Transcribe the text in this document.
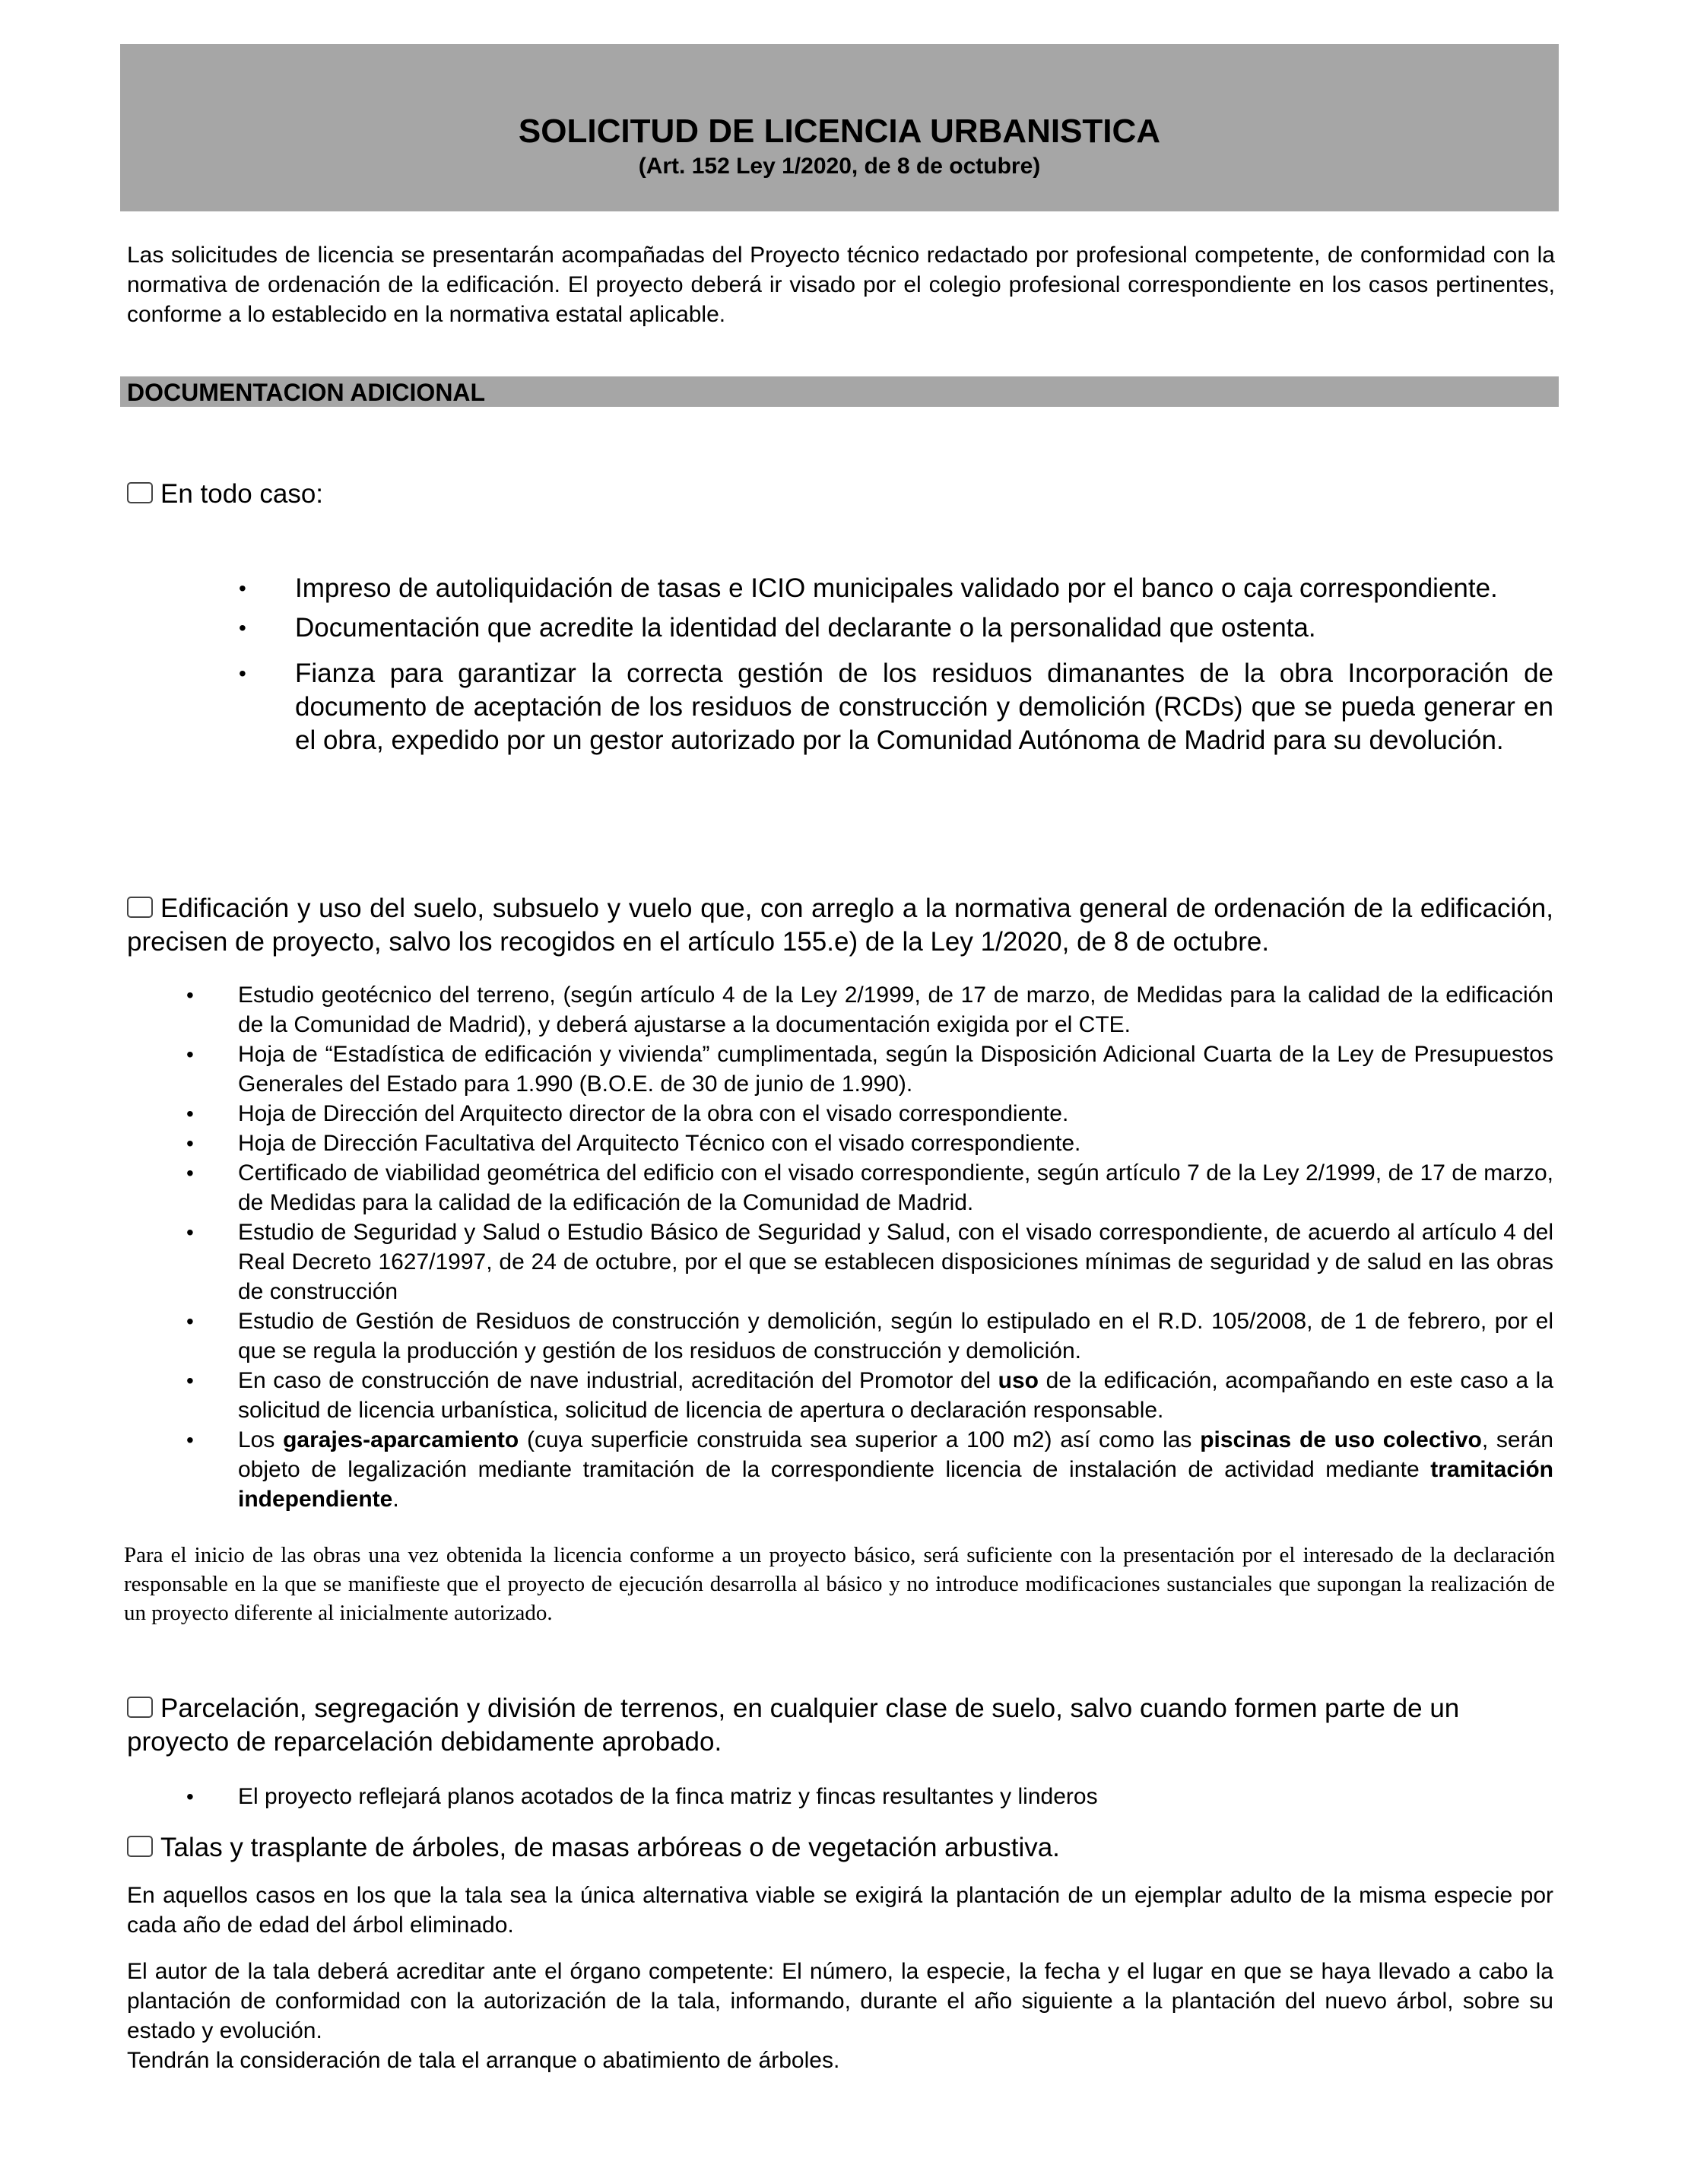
SOLICITUD DE LICENCIA URBANISTICA
(Art. 152 Ley 1/2020, de 8 de octubre)
Las solicitudes de licencia se presentarán acompañadas del Proyecto técnico redactado por profesional competente, de conformidad con la normativa de ordenación de la edificación. El proyecto deberá ir visado por el colegio profesional correspondiente en los casos pertinentes, conforme a lo establecido en la normativa estatal aplicable.
DOCUMENTACION ADICIONAL
En todo caso:
• Impreso de autoliquidación de tasas e ICIO municipales validado por el banco o caja correspondiente.
• Documentación que acredite la identidad del declarante o la personalidad que ostenta.
• Fianza para garantizar la correcta gestión de los residuos dimanantes de la obra Incorporación de documento de aceptación de los residuos de construcción y demolición (RCDs) que se pueda generar en el obra, expedido por un gestor autorizado por la Comunidad Autónoma de Madrid para su devolución.
Edificación y uso del suelo, subsuelo y vuelo que, con arreglo a la normativa general de ordenación de la edificación, precisen de proyecto, salvo los recogidos en el artículo 155.e) de la Ley 1/2020, de 8 de octubre.
• Estudio geotécnico del terreno, (según artículo 4 de la Ley 2/1999, de 17 de marzo, de Medidas para la calidad de la edificación de la Comunidad de Madrid), y deberá ajustarse a la documentación exigida por el CTE.
• Hoja de “Estadística de edificación y vivienda” cumplimentada, según la Disposición Adicional Cuarta de la Ley de Presupuestos Generales del Estado para 1.990 (B.O.E. de 30 de junio de 1.990).
• Hoja de Dirección del Arquitecto director de la obra con el visado correspondiente.
• Hoja de Dirección Facultativa del Arquitecto Técnico con el visado correspondiente.
• Certificado de viabilidad geométrica del edificio con el visado correspondiente, según artículo 7 de la Ley 2/1999, de 17 de marzo, de Medidas para la calidad de la edificación de la Comunidad de Madrid.
• Estudio de Seguridad y Salud o Estudio Básico de Seguridad y Salud, con el visado correspondiente, de acuerdo al artículo 4 del Real Decreto 1627/1997, de 24 de octubre, por el que se establecen disposiciones mínimas de seguridad y de salud en las obras de construcción
• Estudio de Gestión de Residuos de construcción y demolición, según lo estipulado en el R.D. 105/2008, de 1 de febrero, por el que se regula la producción y gestión de los residuos de construcción y demolición.
• En caso de construcción de nave industrial, acreditación del Promotor del uso de la edificación, acompañando en este caso a la solicitud de licencia urbanística, solicitud de licencia de apertura o declaración responsable.
• Los garajes-aparcamiento (cuya superficie construida sea superior a 100 m2) así como las piscinas de uso colectivo, serán objeto de legalización mediante tramitación de la correspondiente licencia de instalación de actividad mediante tramitación independiente.
Para el inicio de las obras una vez obtenida la licencia conforme a un proyecto básico, será suficiente con la presentación por el interesado de la declaración responsable en la que se manifieste que el proyecto de ejecución desarrolla al básico y no introduce modificaciones sustanciales que supongan la realización de un proyecto diferente al inicialmente autorizado.
Parcelación, segregación y división de terrenos, en cualquier clase de suelo, salvo cuando formen parte de un proyecto de reparcelación debidamente aprobado.
• El proyecto reflejará planos acotados de la finca matriz y fincas resultantes y linderos
Talas y trasplante de árboles, de masas arbóreas o de vegetación arbustiva.
En aquellos casos en los que la tala sea la única alternativa viable se exigirá la plantación de un ejemplar adulto de la misma especie por cada año de edad del árbol eliminado.
El autor de la tala deberá acreditar ante el órgano competente: El número, la especie, la fecha y el lugar en que se haya llevado a cabo la plantación de conformidad con la autorización de la tala, informando, durante el año siguiente a la plantación del nuevo árbol, sobre su estado y evolución.
Tendrán la consideración de tala el arranque o abatimiento de árboles.
